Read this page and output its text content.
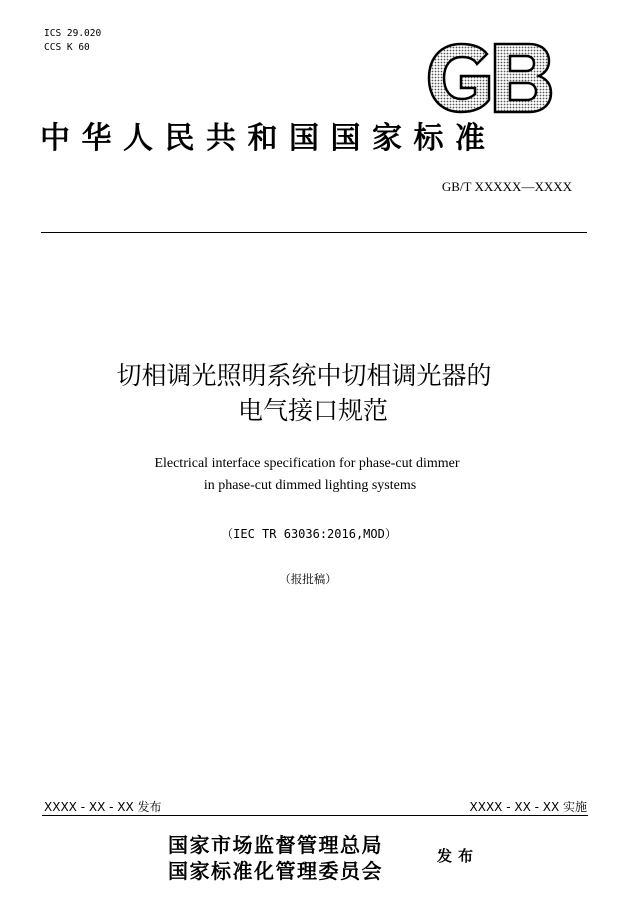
ICS 29.020
CCS K 60
中华人民共和国国家标准
GB/T XXXXX—XXXX
切相调光照明系统中切相调光器的
电气接口规范
Electrical interface specification for phase-cut dimmer
in phase-cut dimmed lighting systems
（IEC TR 63036:2016,MOD）
（报批稿）
XXXX - XX - XX 发布	XXXX - XX - XX 实施
国家市场监督管理总局
国家标准化管理委员会
发布
